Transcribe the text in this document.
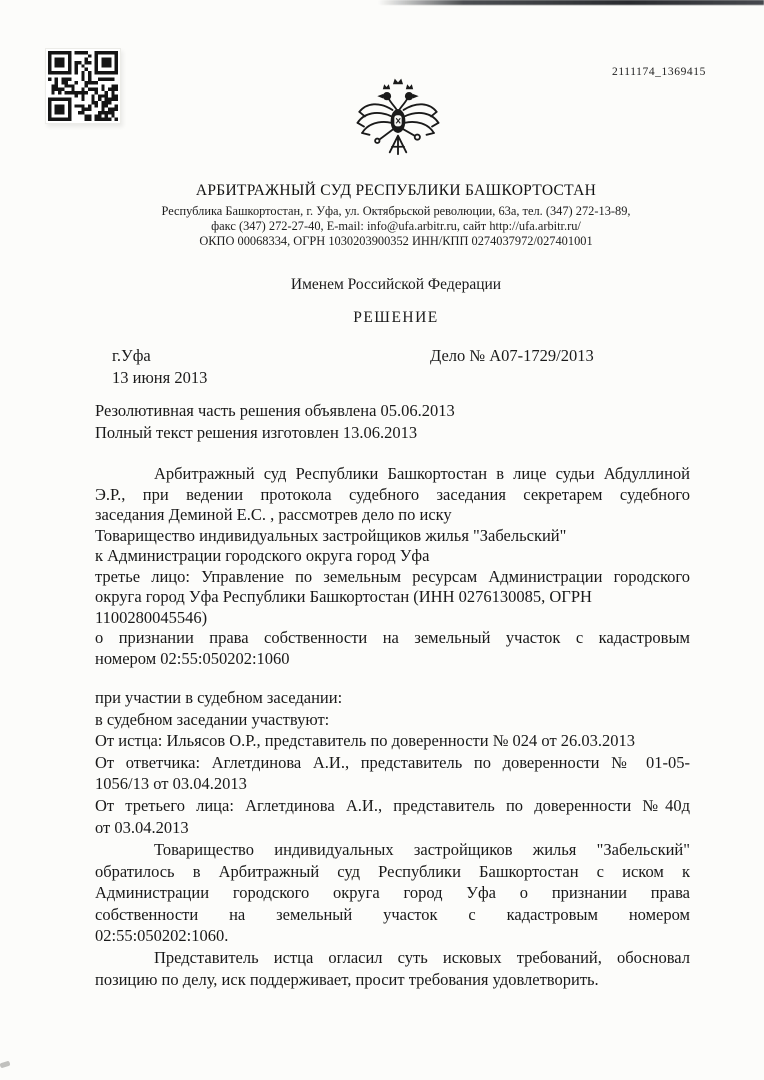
2111174_1369415
АРБИТРАЖНЫЙ СУД РЕСПУБЛИКИ БАШКОРТОСТАН
Республика Башкортостан, г. Уфа, ул. Октябрьской революции, 63а, тел. (347) 272-13-89,
факс (347) 272-27-40, E-mail: info@ufa.arbitr.ru, сайт http://ufa.arbitr.ru/
ОКПО 00068334, ОГРН 1030203900352 ИНН/КПП 0274037972/027401001
Именем Российской Федерации
РЕШЕНИЕ
г.Уфа	Дело № А07-1729/2013
13 июня 2013
Резолютивная часть решения объявлена 05.06.2013
Полный текст решения изготовлен 13.06.2013
Арбитражный суд Республики Башкортостан в лице судьи Абдуллиной
Э.Р., при ведении протокола судебного заседания секретарем судебного
заседания Деминой Е.С. , рассмотрев дело по иску
Товарищество индивидуальных застройщиков жилья "Забельский"
к Администрации городского округа город Уфа
третье лицо: Управление по земельным ресурсам Администрации городского
округа город Уфа Республики Башкортостан (ИНН 0276130085, ОГРН
1100280045546)
о признании права собственности на земельный участок с кадастровым
номером 02:55:050202:1060
при участии в судебном заседании:
в судебном заседании участвуют:
От истца: Ильясов О.Р., представитель по доверенности № 024 от 26.03.2013
От ответчика: Аглетдинова А.И., представитель по доверенности № 01-05-
1056/13 от 03.04.2013
От третьего лица: Аглетдинова А.И., представитель по доверенности №40д
от 03.04.2013
Товарищество индивидуальных застройщиков жилья "Забельский"
обратилось в Арбитражный суд Республики Башкортостан с иском к
Администрации городского округа город Уфа о признании права
собственности на земельный участок с кадастровым номером
02:55:050202:1060.
Представитель истца огласил суть исковых требований, обосновал
позицию по делу, иск поддерживает, просит требования удовлетворить.
